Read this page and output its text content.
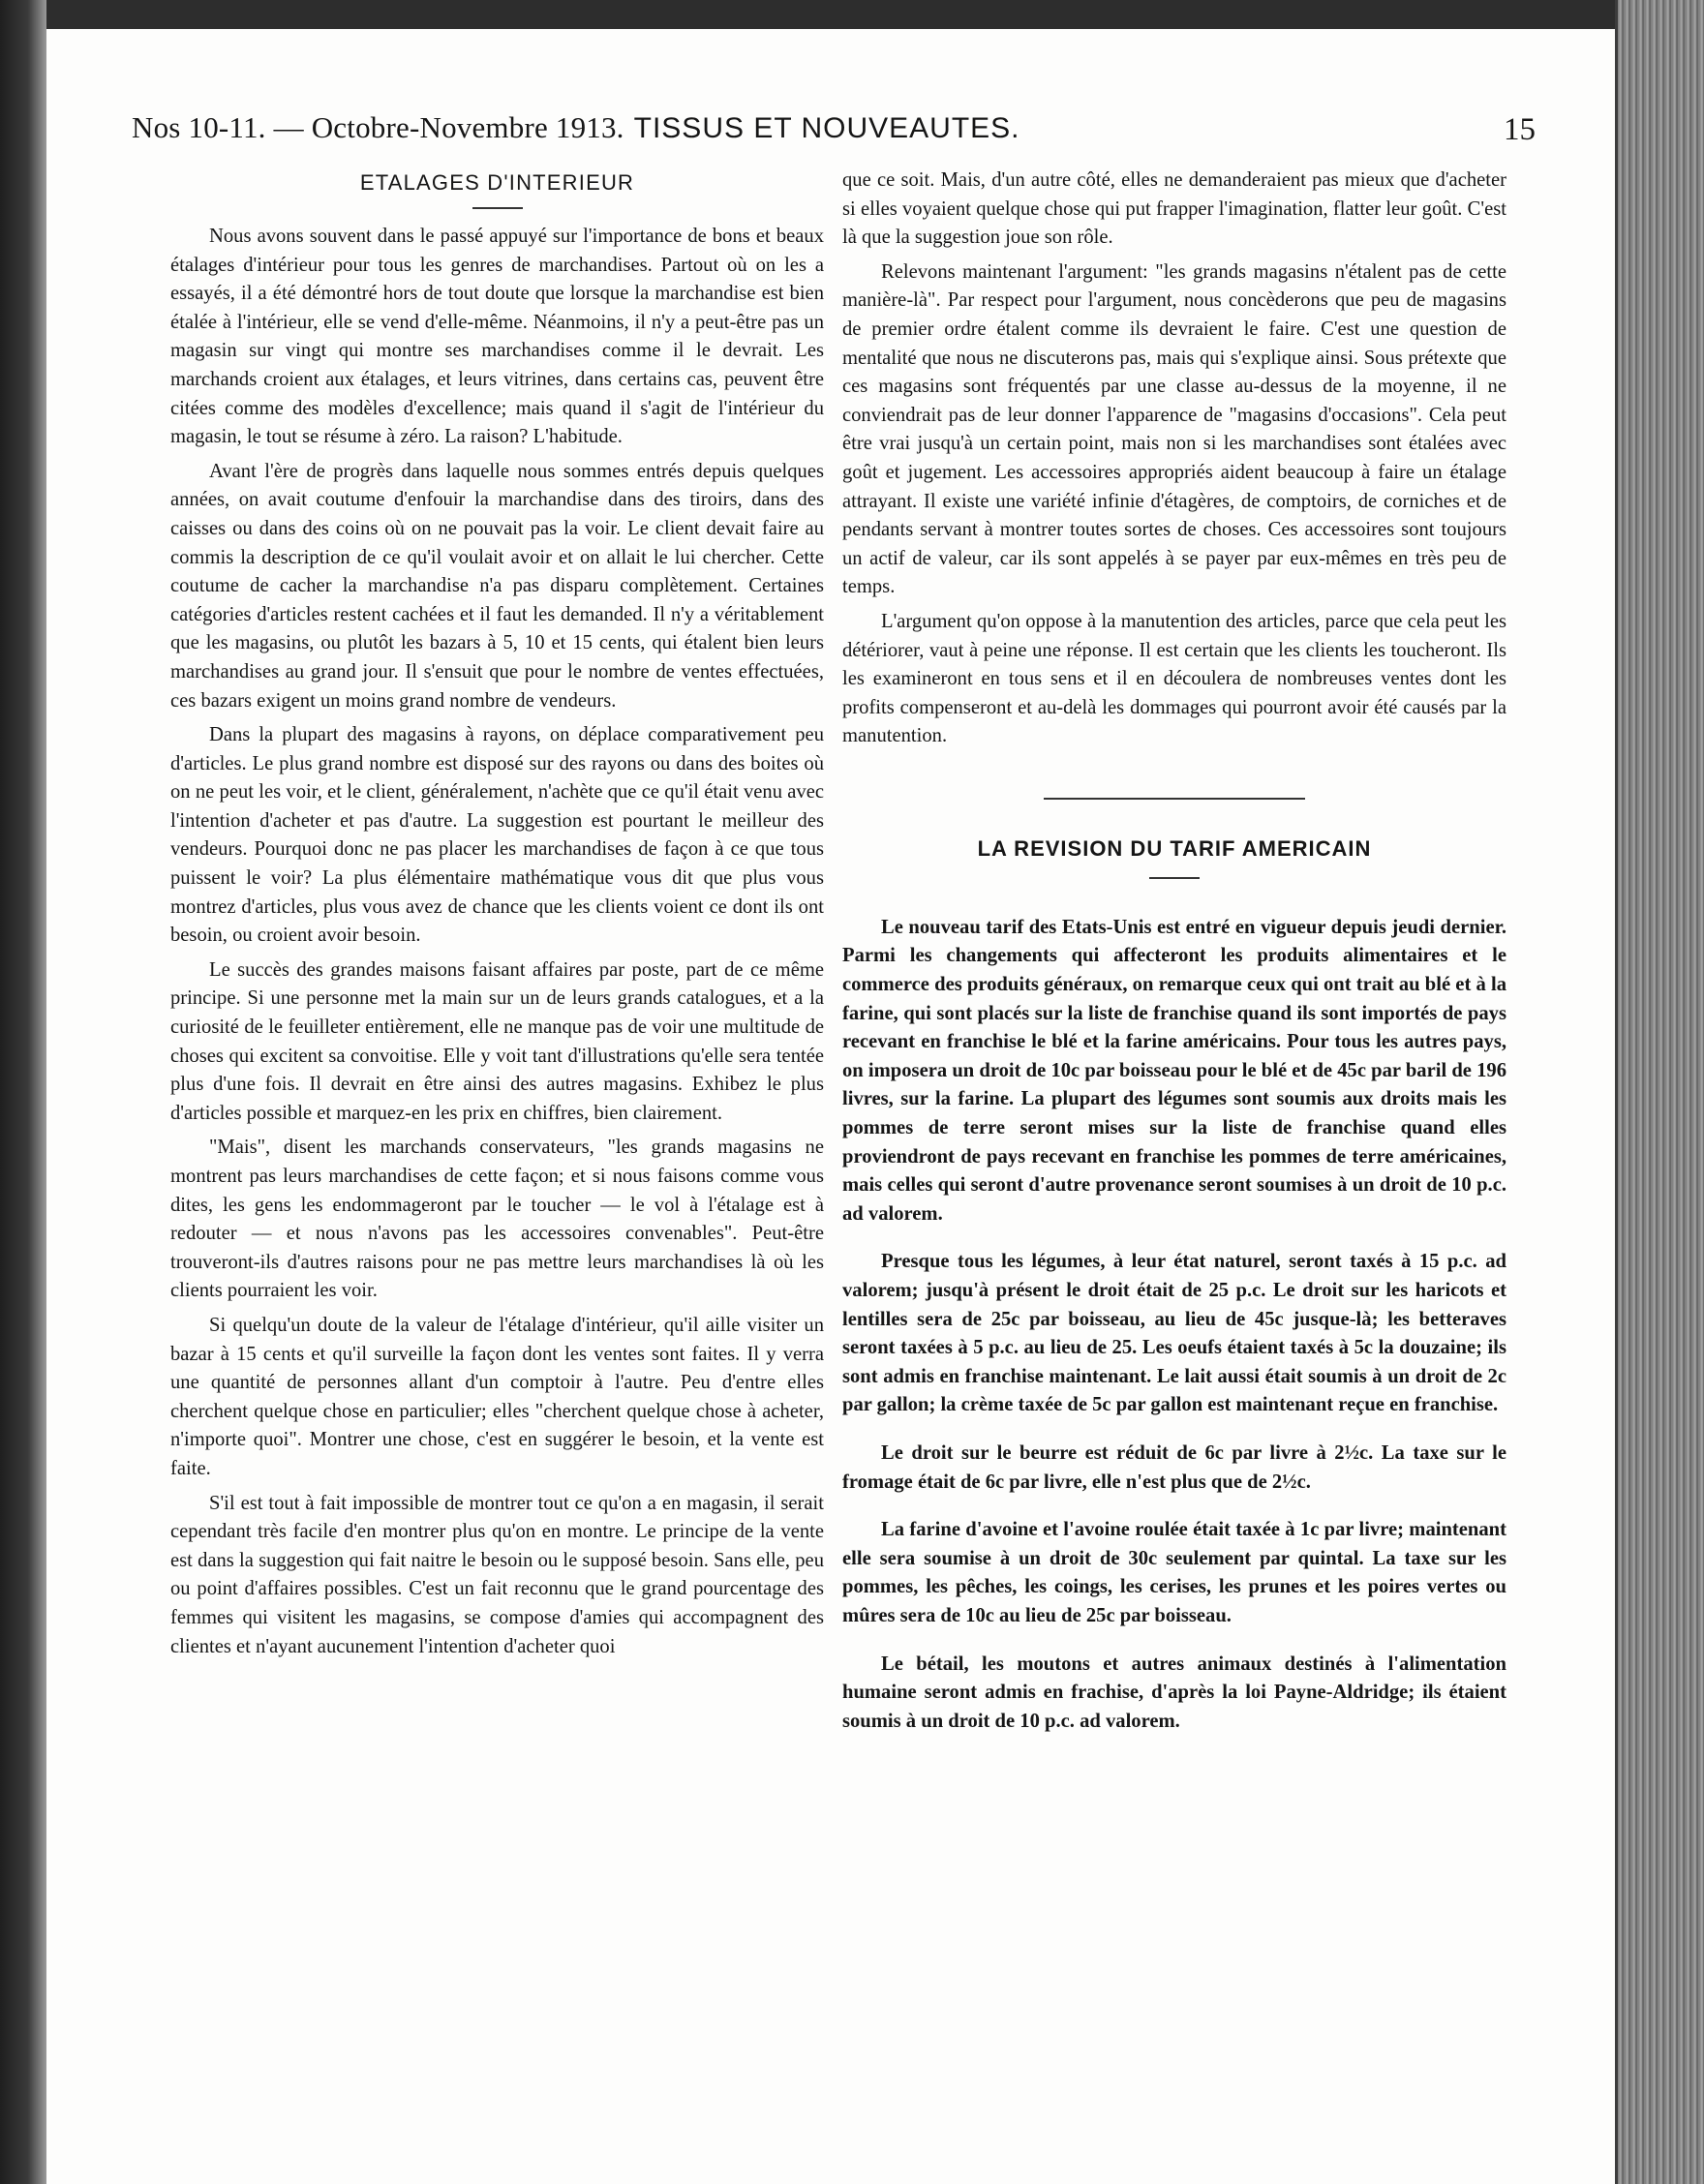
Nos 10-11. — Octobre-Novembre 1913. TISSUS ET NOUVEAUTES.	15
ETALAGES D'INTERIEUR

Nous avons souvent dans le passé appuyé sur l'importance de bons et beaux étalages d'intérieur pour tous les genres de marchandises. Partout où on les a essayés, il a été démontré hors de tout doute que lorsque la marchandise est bien étalée à l'intérieur, elle se vend d'elle-même. Néanmoins, il n'y a peut-être pas un magasin sur vingt qui montre ses marchandises comme il le devrait. Les marchands croient aux étalages, et leurs vitrines, dans certains cas, peuvent être citées comme des modèles d'excellence; mais quand il s'agit de l'intérieur du magasin, le tout se résume à zéro. La raison? L'habitude.

Avant l'ère de progrès dans laquelle nous sommes entrés depuis quelques années, on avait coutume d'enfouir la marchandise dans des tiroirs, dans des caisses ou dans des coins où on ne pouvait pas la voir. Le client devait faire au commis la description de ce qu'il voulait avoir et on allait le lui chercher. Cette coutume de cacher la marchandise n'a pas disparu complètement. Certaines catégories d'articles restent cachées et il faut les demanded. Il n'y a véritablement que les magasins, ou plutôt les bazars à 5, 10 et 15 cents, qui étalent bien leurs marchandises au grand jour. Il s'ensuit que pour le nombre de ventes effectuées, ces bazars exigent un moins grand nombre de vendeurs.

Dans la plupart des magasins à rayons, on déplace comparativement peu d'articles. Le plus grand nombre est disposé sur des rayons ou dans des boites où on ne peut les voir, et le client, généralement, n'achète que ce qu'il était venu avec l'intention d'acheter et pas d'autre. La suggestion est pourtant le meilleur des vendeurs. Pourquoi donc ne pas placer les marchandises de façon à ce que tous puissent le voir? La plus élémentaire mathématique vous dit que plus vous montrez d'articles, plus vous avez de chance que les clients voient ce dont ils ont besoin, ou croient avoir besoin.

Le succès des grandes maisons faisant affaires par poste, part de ce même principe. Si une personne met la main sur un de leurs grands catalogues, et a la curiosité de le feuilleter entièrement, elle ne manque pas de voir une multitude de choses qui excitent sa convoitise. Elle y voit tant d'illustrations qu'elle sera tentée plus d'une fois. Il devrait en être ainsi des autres magasins. Exhibez le plus d'articles possible et marquez-en les prix en chiffres, bien clairement.

"Mais", disent les marchands conservateurs, "les grands magasins ne montrent pas leurs marchandises de cette façon; et si nous faisons comme vous dites, les gens les endommageront par le toucher — le vol à l'étalage est à redouter — et nous n'avons pas les accessoires convenables". Peut-être trouveront-ils d'autres raisons pour ne pas mettre leurs marchandises là où les clients pourraient les voir.

Si quelqu'un doute de la valeur de l'étalage d'intérieur, qu'il aille visiter un bazar à 15 cents et qu'il surveille la façon dont les ventes sont faites. Il y verra une quantité de personnes allant d'un comptoir à l'autre. Peu d'entre elles cherchent quelque chose en particulier; elles "cherchent quelque chose à acheter, n'importe quoi". Montrer une chose, c'est en suggérer le besoin, et la vente est faite.

S'il est tout à fait impossible de montrer tout ce qu'on a en magasin, il serait cependant très facile d'en montrer plus qu'on en montre. Le principe de la vente est dans la suggestion qui fait naitre le besoin ou le supposé besoin. Sans elle, peu ou point d'affaires possibles. C'est un fait reconnu que le grand pourcentage des femmes qui visitent les magasins, se compose d'amies qui accompagnent des clientes et n'ayant aucunement l'intention d'acheter quoi

que ce soit. Mais, d'un autre côté, elles ne demanderaient pas mieux que d'acheter si elles voyaient quelque chose qui put frapper l'imagination, flatter leur goût. C'est là que la suggestion joue son rôle.

Relevons maintenant l'argument: "les grands magasins n'étalent pas de cette manière-là". Par respect pour l'argument, nous concèderons que peu de magasins de premier ordre étalent comme ils devraient le faire. C'est une question de mentalité que nous ne discuterons pas, mais qui s'explique ainsi. Sous prétexte que ces magasins sont fréquentés par une classe au-dessus de la moyenne, il ne conviendrait pas de leur donner l'apparence de "magasins d'occasions". Cela peut être vrai jusqu'à un certain point, mais non si les marchandises sont étalées avec goût et jugement. Les accessoires appropriés aident beaucoup à faire un étalage attrayant. Il existe une variété infinie d'étagères, de comptoirs, de corniches et de pendants servant à montrer toutes sortes de choses. Ces accessoires sont toujours un actif de valeur, car ils sont appelés à se payer par eux-mêmes en très peu de temps.

L'argument qu'on oppose à la manutention des articles, parce que cela peut les détériorer, vaut à peine une réponse. Il est certain que les clients les toucheront. Ils les examineront en tous sens et il en découlera de nombreuses ventes dont les profits compenseront et au-delà les dommages qui pourront avoir été causés par la manutention.

LA REVISION DU TARIF AMERICAIN

Le nouveau tarif des Etats-Unis est entré en vigueur depuis jeudi dernier. Parmi les changements qui affecteront les produits alimentaires et le commerce des produits généraux, on remarque ceux qui ont trait au blé et à la farine, qui sont placés sur la liste de franchise quand ils sont importés de pays recevant en franchise le blé et la farine américains. Pour tous les autres pays, on imposera un droit de 10c par boisseau pour le blé et de 45c par baril de 196 livres, sur la farine. La plupart des légumes sont soumis aux droits mais les pommes de terre seront mises sur la liste de franchise quand elles proviendront de pays recevant en franchise les pommes de terre américaines, mais celles qui seront d'autre provenance seront soumises à un droit de 10 p.c. ad valorem.

Presque tous les légumes, à leur état naturel, seront taxés à 15 p.c. ad valorem; jusqu'à présent le droit était de 25 p.c. Le droit sur les haricots et lentilles sera de 25c par boisseau, au lieu de 45c jusque-là; les betteraves seront taxées à 5 p.c. au lieu de 25. Les oeufs étaient taxés à 5c la douzaine; ils sont admis en franchise maintenant. Le lait aussi était soumis à un droit de 2c par gallon; la crème taxée de 5c par gallon est maintenant reçue en franchise.

Le droit sur le beurre est réduit de 6c par livre à 2½c. La taxe sur le fromage était de 6c par livre, elle n'est plus que de 2½c.

La farine d'avoine et l'avoine roulée était taxée à 1c par livre; maintenant elle sera soumise à un droit de 30c seulement par quintal. La taxe sur les pommes, les pêches, les coings, les cerises, les prunes et les poires vertes ou mûres sera de 10c au lieu de 25c par boisseau.

Le bétail, les moutons et autres animaux destinés à l'alimentation humaine seront admis en frachise, d'après la loi Payne-Aldridge; ils étaient soumis à un droit de 10 p.c. ad valorem.
